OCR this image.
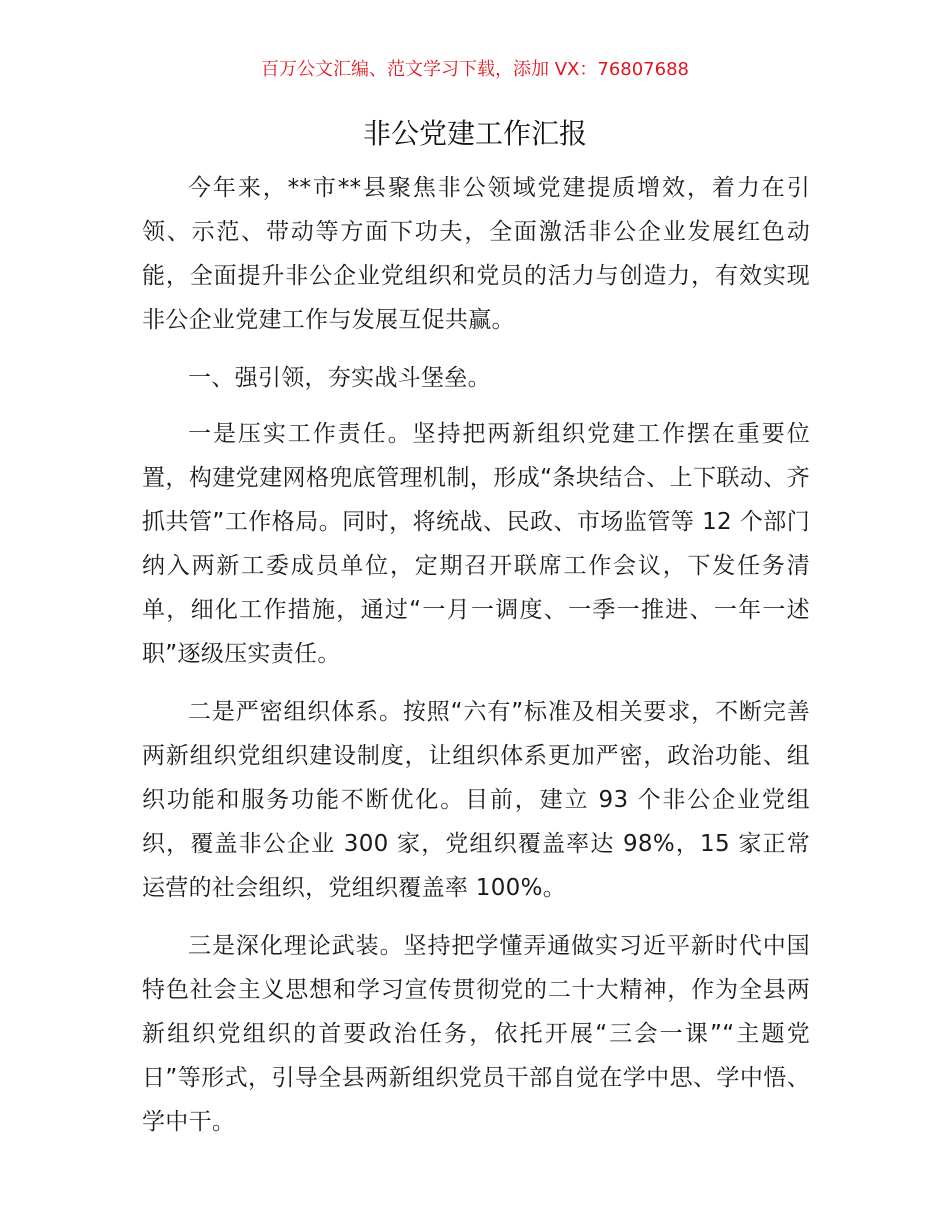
百万公文汇编、范文学习下载，添加 VX：76807688
非公党建工作汇报

今年来，**市**县聚焦非公领域党建提质增效，着力在引领、示范、带动等方面下功夫，全面激活非公企业发展红色动能，全面提升非公企业党组织和党员的活力与创造力，有效实现非公企业党建工作与发展互促共赢。

一、强引领，夯实战斗堡垒。

一是压实工作责任。坚持把两新组织党建工作摆在重要位置，构建党建网格兜底管理机制，形成“条块结合、上下联动、齐抓共管”工作格局。同时，将统战、民政、市场监管等 12 个部门纳入两新工委成员单位，定期召开联席工作会议，下发任务清单，细化工作措施，通过“一月一调度、一季一推进、一年一述职”逐级压实责任。

二是严密组织体系。按照“六有”标准及相关要求，不断完善两新组织党组织建设制度，让组织体系更加严密，政治功能、组织功能和服务功能不断优化。目前，建立 93 个非公企业党组织，覆盖非公企业 300 家，党组织覆盖率达 98%，15 家正常运营的社会组织，党组织覆盖率 100%。

三是深化理论武装。坚持把学懂弄通做实习近平新时代中国特色社会主义思想和学习宣传贯彻党的二十大精神，作为全县两新组织党组织的首要政治任务，依托开展“三会一课”“主题党日”等形式，引导全县两新组织党员干部自觉在学中思、学中悟、学中干。
